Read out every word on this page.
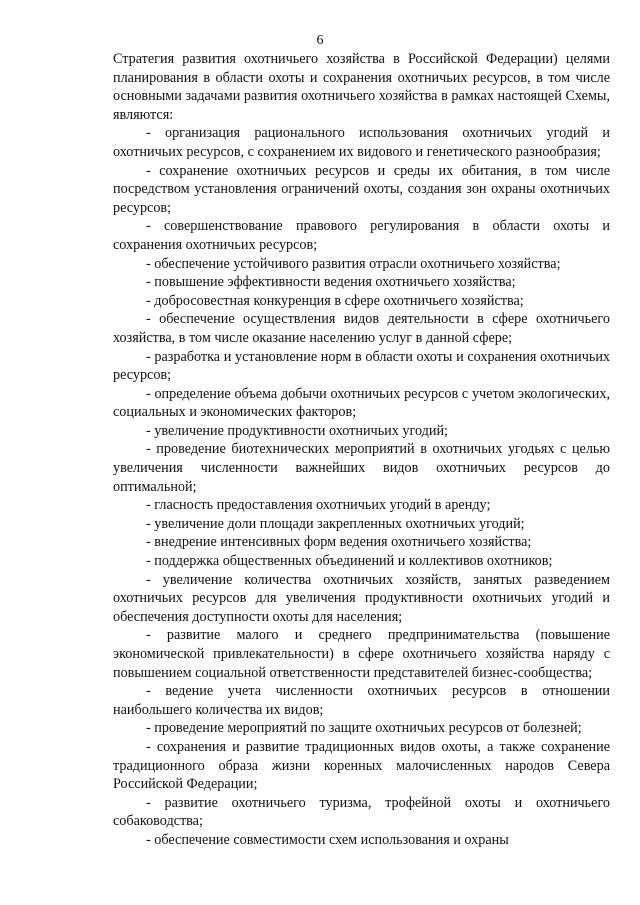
6

Стратегия развития охотничьего хозяйства в Российской Федерации) целями планирования в области охоты и сохранения охотничьих ресурсов, в том числе основными задачами развития охотничьего хозяйства в рамках настоящей Схемы, являются:

- организация рационального использования охотничьих угодий и охотничьих ресурсов, с сохранением их видового и генетического разнообразия;

- сохранение охотничьих ресурсов и среды их обитания, в том числе посредством установления ограничений охоты, создания зон охраны охотничьих ресурсов;

- совершенствование правового регулирования в области охоты и сохранения охотничьих ресурсов;

- обеспечение устойчивого развития отрасли охотничьего хозяйства;

- повышение эффективности ведения охотничьего хозяйства;

- добросовестная конкуренция в сфере охотничьего хозяйства;

- обеспечение осуществления видов деятельности в сфере охотничьего хозяйства, в том числе оказание населению услуг в данной сфере;

- разработка и установление норм в области охоты и сохранения охотничьих ресурсов;

- определение объема добычи охотничьих ресурсов с учетом экологических, социальных и экономических факторов;

- увеличение продуктивности охотничьих угодий;

- проведение биотехнических мероприятий в охотничьих угодьях с целью увеличения численности важнейших видов охотничьих ресурсов до оптимальной;

- гласность предоставления охотничьих угодий в аренду;

- увеличение доли площади закрепленных охотничьих угодий;

- внедрение интенсивных форм ведения охотничьего хозяйства;

- поддержка общественных объединений и коллективов охотников;

- увеличение количества охотничьих хозяйств, занятых разведением охотничьих ресурсов для увеличения продуктивности охотничьих угодий и обеспечения доступности охоты для населения;

- развитие малого и среднего предпринимательства (повышение экономической привлекательности) в сфере охотничьего хозяйства наряду с повышением социальной ответственности представителей бизнес-сообщества;

- ведение учета численности охотничьих ресурсов в отношении наибольшего количества их видов;

- проведение мероприятий по защите охотничьих ресурсов от болезней;

- сохранения и развитие традиционных видов охоты, а также сохранение традиционного образа жизни коренных малочисленных народов Севера Российской Федерации;

- развитие охотничьего туризма, трофейной охоты и охотничьего собаководства;

- обеспечение совместимости схем использования и охраны
